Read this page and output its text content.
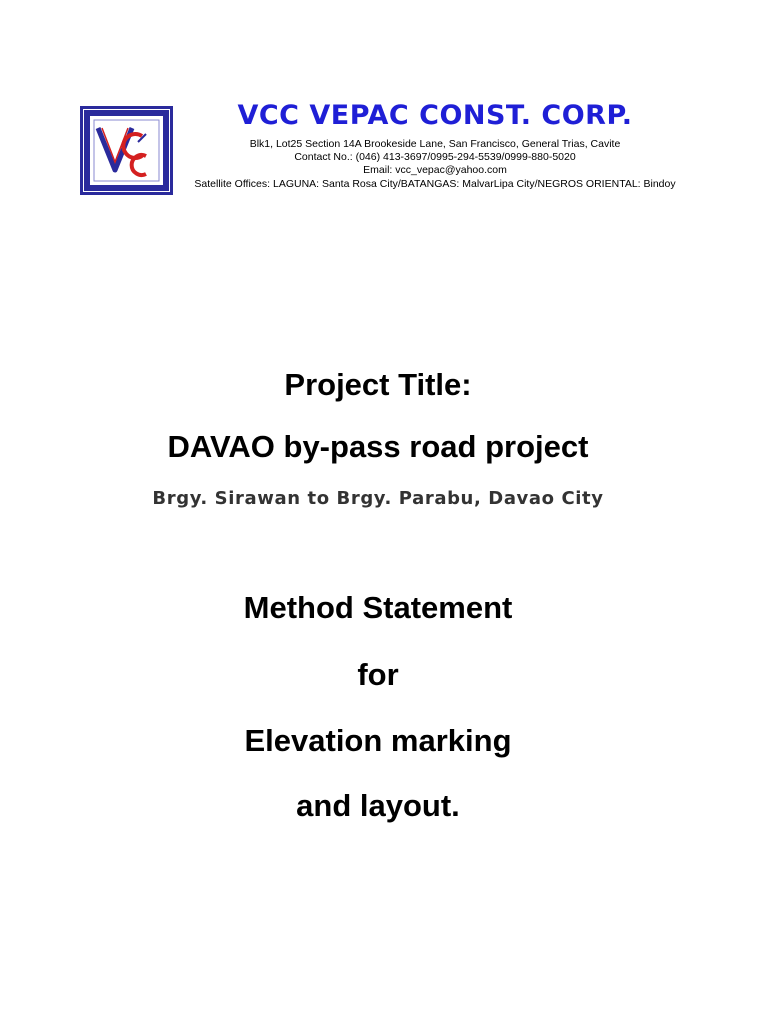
VCC VEPAC CONST. CORP.
Blk1, Lot25 Section 14A Brookeside Lane, San Francisco, General Trias, Cavite
Contact No.: (046) 413-3697/0995-294-5539/0999-880-5020
Email: vcc_vepac@yahoo.com
Satellite Offices: LAGUNA: Santa Rosa City/BATANGAS: MalvarLipa City/NEGROS ORIENTAL: Bindoy
Project Title:
DAVAO by-pass road project
Brgy. Sirawan to Brgy. Parabu, Davao City
Method Statement
for
Elevation marking
and layout.
